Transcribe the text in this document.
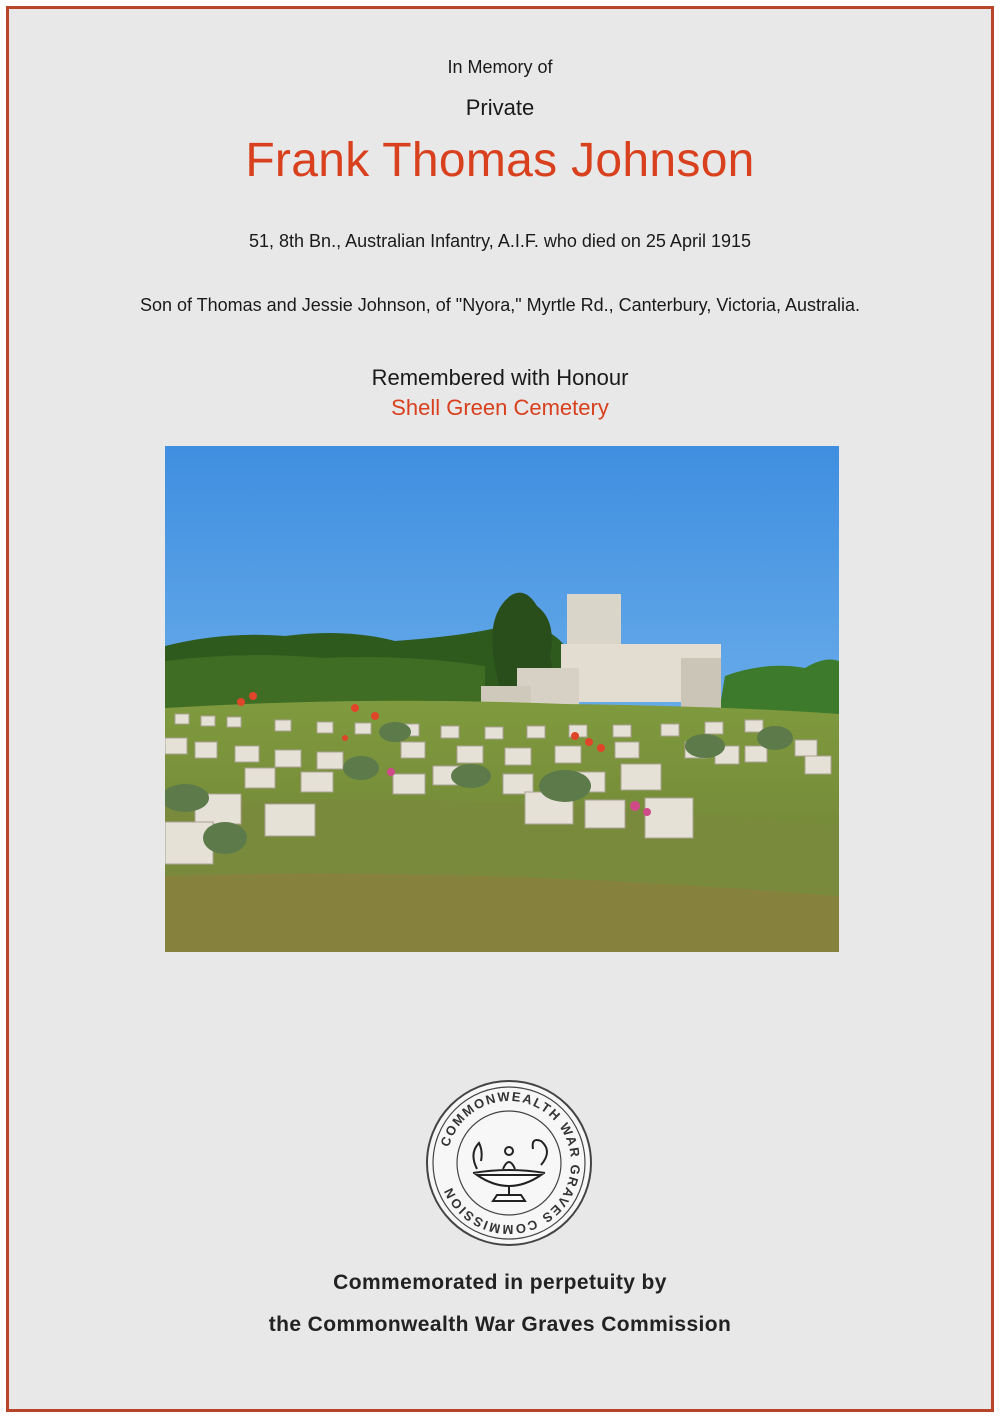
In Memory of
Private
Frank Thomas Johnson
51, 8th Bn., Australian Infantry, A.I.F. who died on 25 April 1915
Son of Thomas and Jessie Johnson, of "Nyora," Myrtle Rd., Canterbury, Victoria, Australia.
Remembered with Honour
Shell Green Cemetery
COMMONWEALTH WAR GRAVES COMMISSION
Commemorated in perpetuity by
the Commonwealth War Graves Commission
